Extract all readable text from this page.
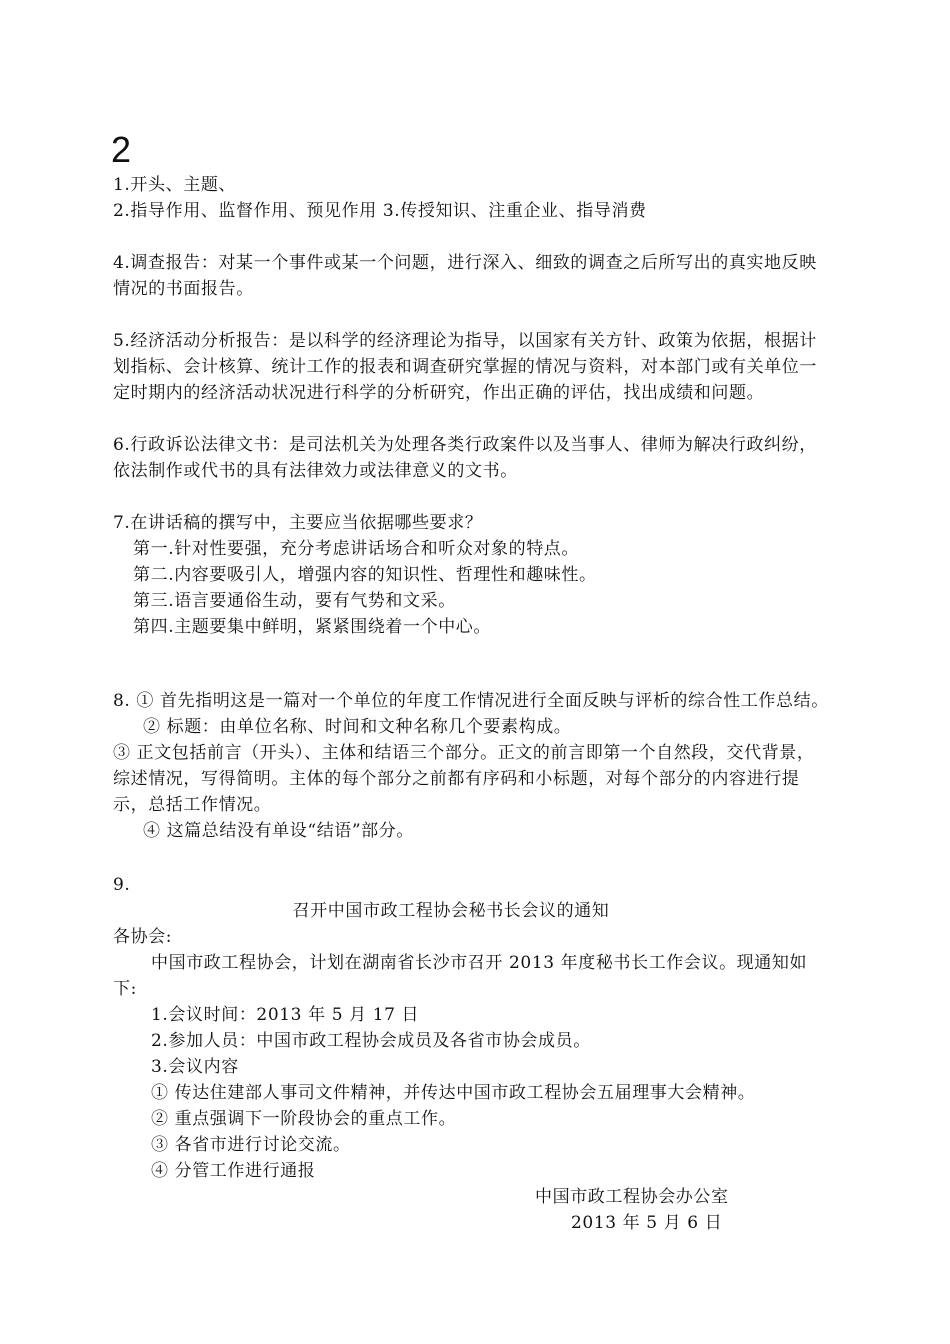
2

1.开头、主题、

2.指导作用、监督作用、预见作用 3.传授知识、注重企业、指导消费

4.调查报告：对某一个事件或某一个问题，进行深入、细致的调查之后所写出的真实地反映情况的书面报告。

5.经济活动分析报告：是以科学的经济理论为指导，以国家有关方针、政策为依据，根据计划指标、会计核算、统计工作的报表和调查研究掌握的情况与资料，对本部门或有关单位一定时期内的经济活动状况进行科学的分析研究，作出正确的评估，找出成绩和问题。

6.行政诉讼法律文书：是司法机关为处理各类行政案件以及当事人、律师为解决行政纠纷，依法制作或代书的具有法律效力或法律意义的文书。

7.在讲话稿的撰写中，主要应当依据哪些要求？

第一.针对性要强，充分考虑讲话场合和听众对象的特点。

第二.内容要吸引人，增强内容的知识性、哲理性和趣味性。

第三.语言要通俗生动，要有气势和文采。

第四.主题要集中鲜明，紧紧围绕着一个中心。

8. ① 首先指明这是一篇对一个单位的年度工作情况进行全面反映与评析的综合性工作总结。

② 标题：由单位名称、时间和文种名称几个要素构成。

③ 正文包括前言（开头）、主体和结语三个部分。正文的前言即第一个自然段，交代背景，综述情况，写得简明。主体的每个部分之前都有序码和小标题，对每个部分的内容进行提示，总括工作情况。

④ 这篇总结没有单设“结语”部分。

9.

召开中国市政工程协会秘书长会议的通知

各协会:

中国市政工程协会，计划在湖南省长沙市召开 2013 年度秘书长工作会议。现通知如下:

1.会议时间：2013 年 5 月 17 日

2.参加人员：中国市政工程协会成员及各省市协会成员。

3.会议内容

① 传达住建部人事司文件精神，并传达中国市政工程协会五届理事大会精神。

② 重点强调下一阶段协会的重点工作。

③ 各省市进行讨论交流。

④ 分管工作进行通报

中国市政工程协会办公室

2013 年 5 月 6 日
